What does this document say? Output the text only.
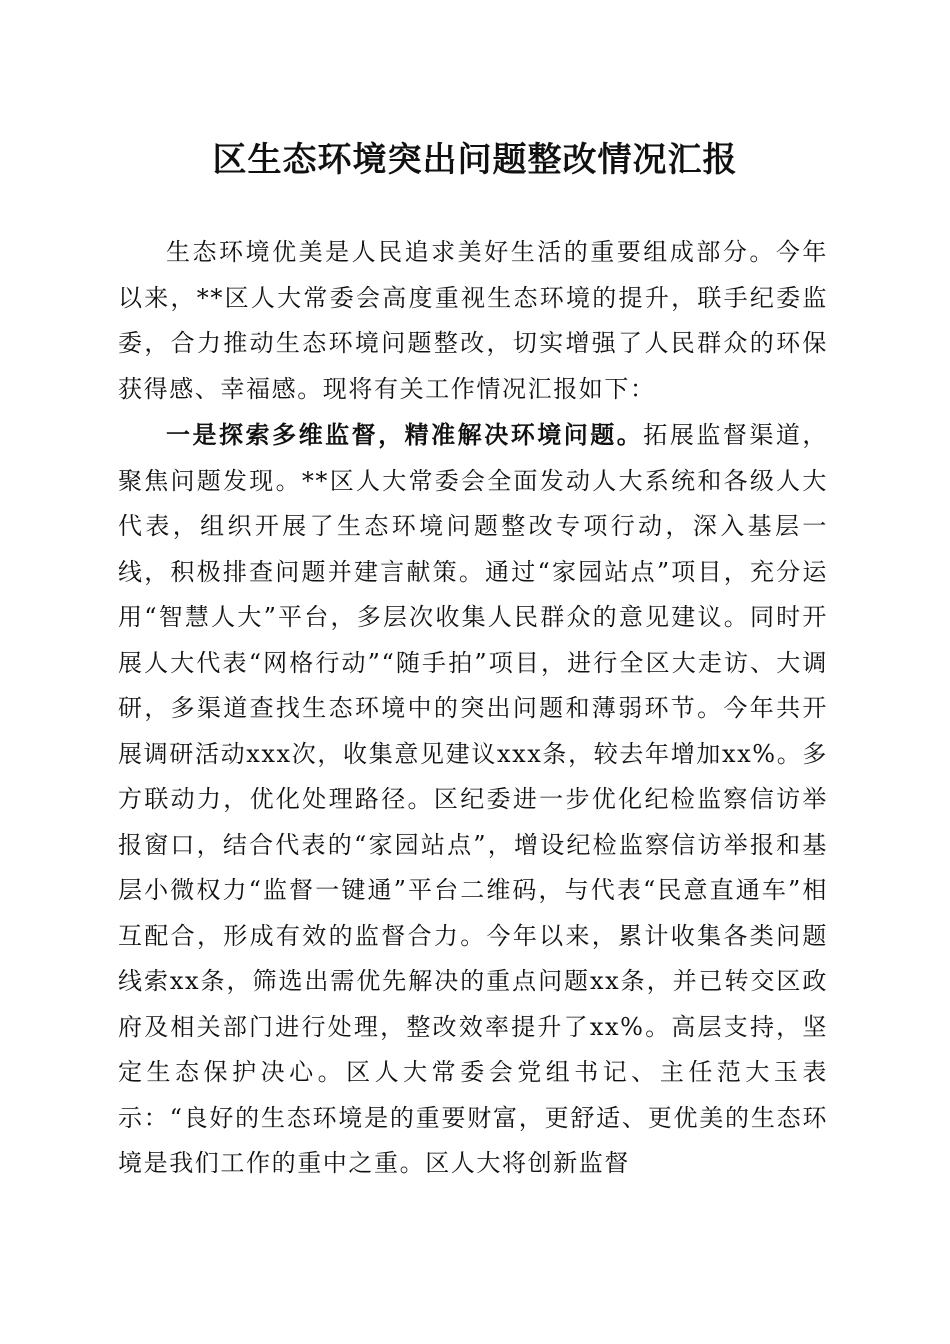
区生态环境突出问题整改情况汇报

生态环境优美是人民追求美好生活的重要组成部分。今年以来，**区人大常委会高度重视生态环境的提升，联手纪委监委，合力推动生态环境问题整改，切实增强了人民群众的环保获得感、幸福感。现将有关工作情况汇报如下：

一是探索多维监督，精准解决环境问题。拓展监督渠道，聚焦问题发现。**区人大常委会全面发动人大系统和各级人大代表，组织开展了生态环境问题整改专项行动，深入基层一线，积极排查问题并建言献策。通过“家园站点”项目，充分运用“智慧人大”平台，多层次收集人民群众的意见建议。同时开展人大代表“网格行动”“随手拍”项目，进行全区大走访、大调研，多渠道查找生态环境中的突出问题和薄弱环节。今年共开展调研活动xxx次，收集意见建议xxx条，较去年增加xx%。多方联动力，优化处理路径。区纪委进一步优化纪检监察信访举报窗口，结合代表的“家园站点”，增设纪检监察信访举报和基层小微权力“监督一键通”平台二维码，与代表“民意直通车”相互配合，形成有效的监督合力。今年以来，累计收集各类问题线索xx条，筛选出需优先解决的重点问题xx条，并已转交区政府及相关部门进行处理，整改效率提升了xx%。高层支持，坚定生态保护决心。区人大常委会党组书记、主任范大玉表示：“良好的生态环境是的重要财富，更舒适、更优美的生态环境是我们工作的重中之重。区人大将创新监督
